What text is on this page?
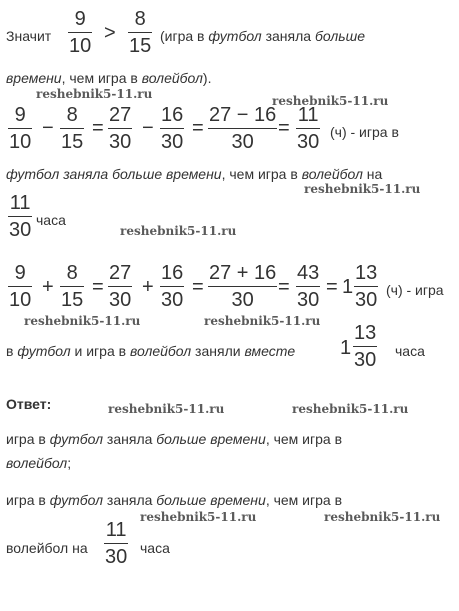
Значит
9
10
>
8
15 (игра в футбол заняла больше
времени, чем игра в волейбол).
reshebnik5-11.ru	reshebnik5-11.ru
9
10
−
8
15
=
27
30
−
16
30
=
27 − 16
30
=
11
30 (ч) - игра в
футбол заняла больше времени, чем игра в волейбол на
reshebnik5-11.ru
11
30 часа
reshebnik5-11.ru
9
10
+
8
15
=
27
30
+
16
30
=
27 + 16
30
=
43
30
= 1
13
30 (ч) - игра
reshebnik5-11.ru	reshebnik5-11.ru
в футбол и игра в волейбол заняли вместе 1
13
30 часа
Ответ:	reshebnik5-11.ru	reshebnik5-11.ru
игра в футбол заняла больше времени, чем игра в
волейбол;
игра в футбол заняла больше времени, чем игра в
reshebnik5-11.ru	reshebnik5-11.ru
волейбол на
11
30 часа
